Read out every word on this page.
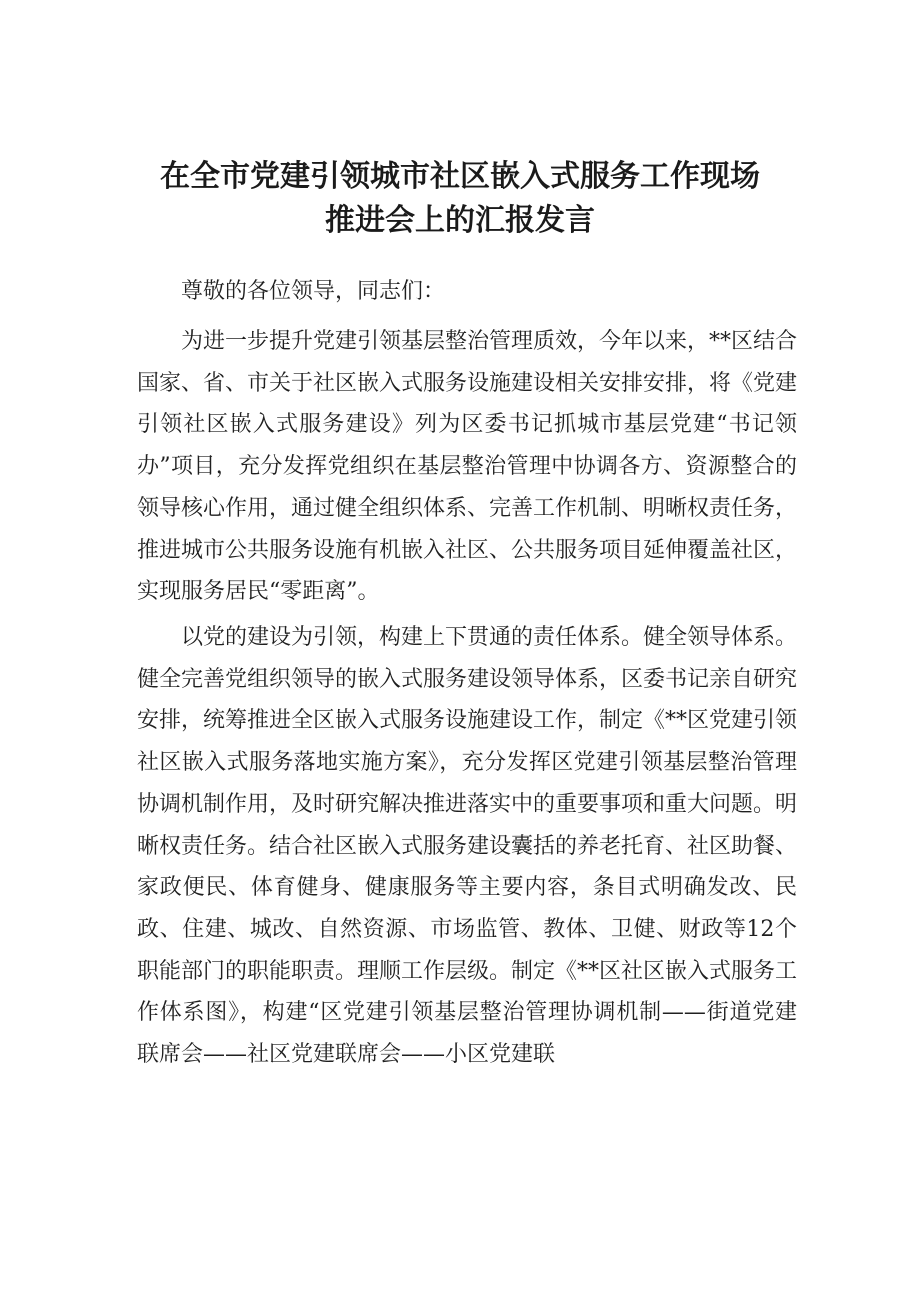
在全市党建引领城市社区嵌入式服务工作现场
推进会上的汇报发言
尊敬的各位领导，同志们：

为进一步提升党建引领基层整治管理质效，今年以来，**区结合国家、省、市关于社区嵌入式服务设施建设相关安排安排，将《党建引领社区嵌入式服务建设》列为区委书记抓城市基层党建“书记领办”项目，充分发挥党组织在基层整治管理中协调各方、资源整合的领导核心作用，通过健全组织体系、完善工作机制、明晰权责任务，推进城市公共服务设施有机嵌入社区、公共服务项目延伸覆盖社区，实现服务居民“零距离”。

以党的建设为引领，构建上下贯通的责任体系。健全领导体系。健全完善党组织领导的嵌入式服务建设领导体系，区委书记亲自研究安排，统筹推进全区嵌入式服务设施建设工作，制定《**区党建引领社区嵌入式服务落地实施方案》，充分发挥区党建引领基层整治管理协调机制作用，及时研究解决推进落实中的重要事项和重大问题。明晰权责任务。结合社区嵌入式服务建设囊括的养老托育、社区助餐、家政便民、体育健身、健康服务等主要内容，条目式明确发改、民政、住建、城改、自然资源、市场监管、教体、卫健、财政等12个职能部门的职能职责。理顺工作层级。制定《**区社区嵌入式服务工作体系图》，构建“区党建引领基层整治管理协调机制——街道党建联席会——社区党建联席会——小区党建联
